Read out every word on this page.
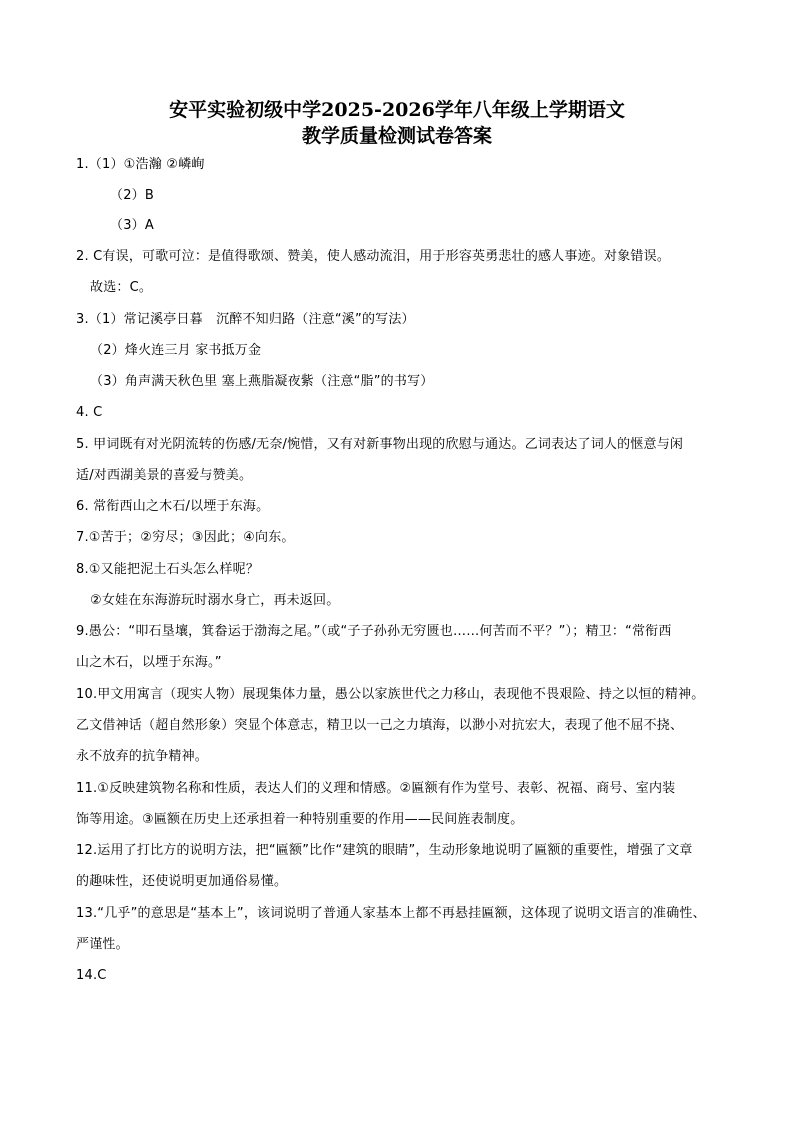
安平实验初级中学2025-2026学年八年级上学期语文
教学质量检测试卷答案
1.（1）①浩瀚 ②嶙峋
（2）B
（3）A
2. C有误，可歌可泣：是值得歌颂、赞美，使人感动流泪，用于形容英勇悲壮的感人事迹。对象错误。
故选：C。
3.（1）常记溪亭日暮　沉醉不知归路（注意“溪”的写法）
（2）烽火连三月 家书抵万金
（3）角声满天秋色里 塞上燕脂凝夜紫（注意“脂”的书写）
4. C
5. 甲词既有对光阴流转的伤感/无奈/惋惜，又有对新事物出现的欣慰与通达。乙词表达了词人的惬意与闲
适/对西湖美景的喜爱与赞美。
6. 常衔西山之木石/以堙于东海。
7.①苦于；②穷尽；③因此；④向东。
8.①又能把泥土石头怎么样呢？
②女娃在东海游玩时溺水身亡，再未返回。
9.愚公：“叩石垦壤，箕畚运于渤海之尾。”（或“子子孙孙无穷匮也……何苦而不平？”）；精卫：“常衔西
山之木石，以堙于东海。”
10.甲文用寓言（现实人物）展现集体力量，愚公以家族世代之力移山，表现他不畏艰险、持之以恒的精神。
乙文借神话（超自然形象）突显个体意志，精卫以一己之力填海，以渺小对抗宏大，表现了他不屈不挠、
永不放弃的抗争精神。
11.①反映建筑物名称和性质，表达人们的义理和情感。②匾额有作为堂号、表彰、祝福、商号、室内装
饰等用途。③匾额在历史上还承担着一种特别重要的作用——民间旌表制度。
12.运用了打比方的说明方法，把“匾额”比作“建筑的眼睛”，生动形象地说明了匾额的重要性，增强了文章
的趣味性，还使说明更加通俗易懂。
13.“几乎”的意思是“基本上”，该词说明了普通人家基本上都不再悬挂匾额，这体现了说明文语言的准确性、
严谨性。
14.C
